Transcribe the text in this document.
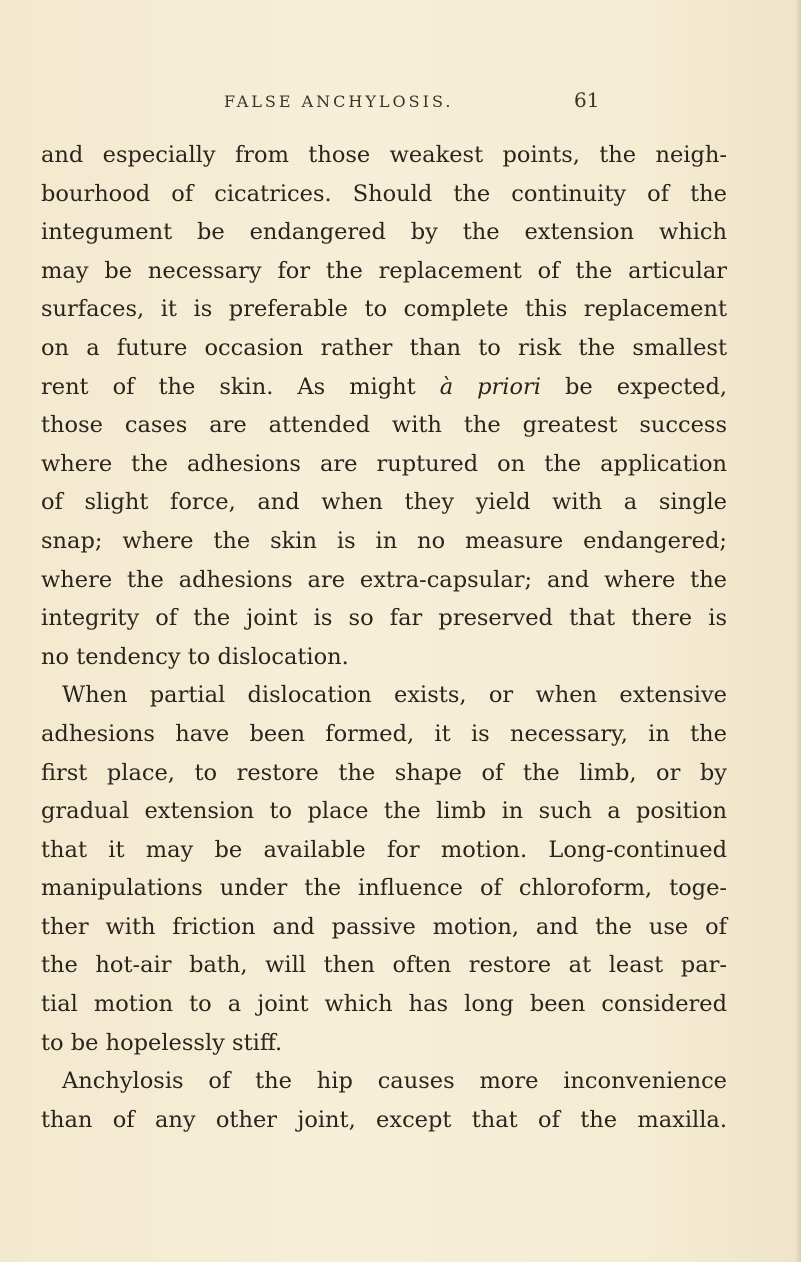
FALSE ANCHYLOSIS.	61
and especially from those weakest points, the neigh-
bourhood of cicatrices. Should the continuity of the
integument be endangered by the extension which
may be necessary for the replacement of the articular
surfaces, it is preferable to complete this replacement
on a future occasion rather than to risk the smallest
rent of the skin. As might à priori be expected,
those cases are attended with the greatest success
where the adhesions are ruptured on the application
of slight force, and when they yield with a single
snap; where the skin is in no measure endangered;
where the adhesions are extra-capsular; and where the
integrity of the joint is so far preserved that there is
no tendency to dislocation.
When partial dislocation exists, or when extensive
adhesions have been formed, it is necessary, in the
first place, to restore the shape of the limb, or by
gradual extension to place the limb in such a position
that it may be available for motion. Long-continued
manipulations under the influence of chloroform, toge-
ther with friction and passive motion, and the use of
the hot-air bath, will then often restore at least par-
tial motion to a joint which has long been considered
to be hopelessly stiff.
Anchylosis of the hip causes more inconvenience
than of any other joint, except that of the maxilla.
